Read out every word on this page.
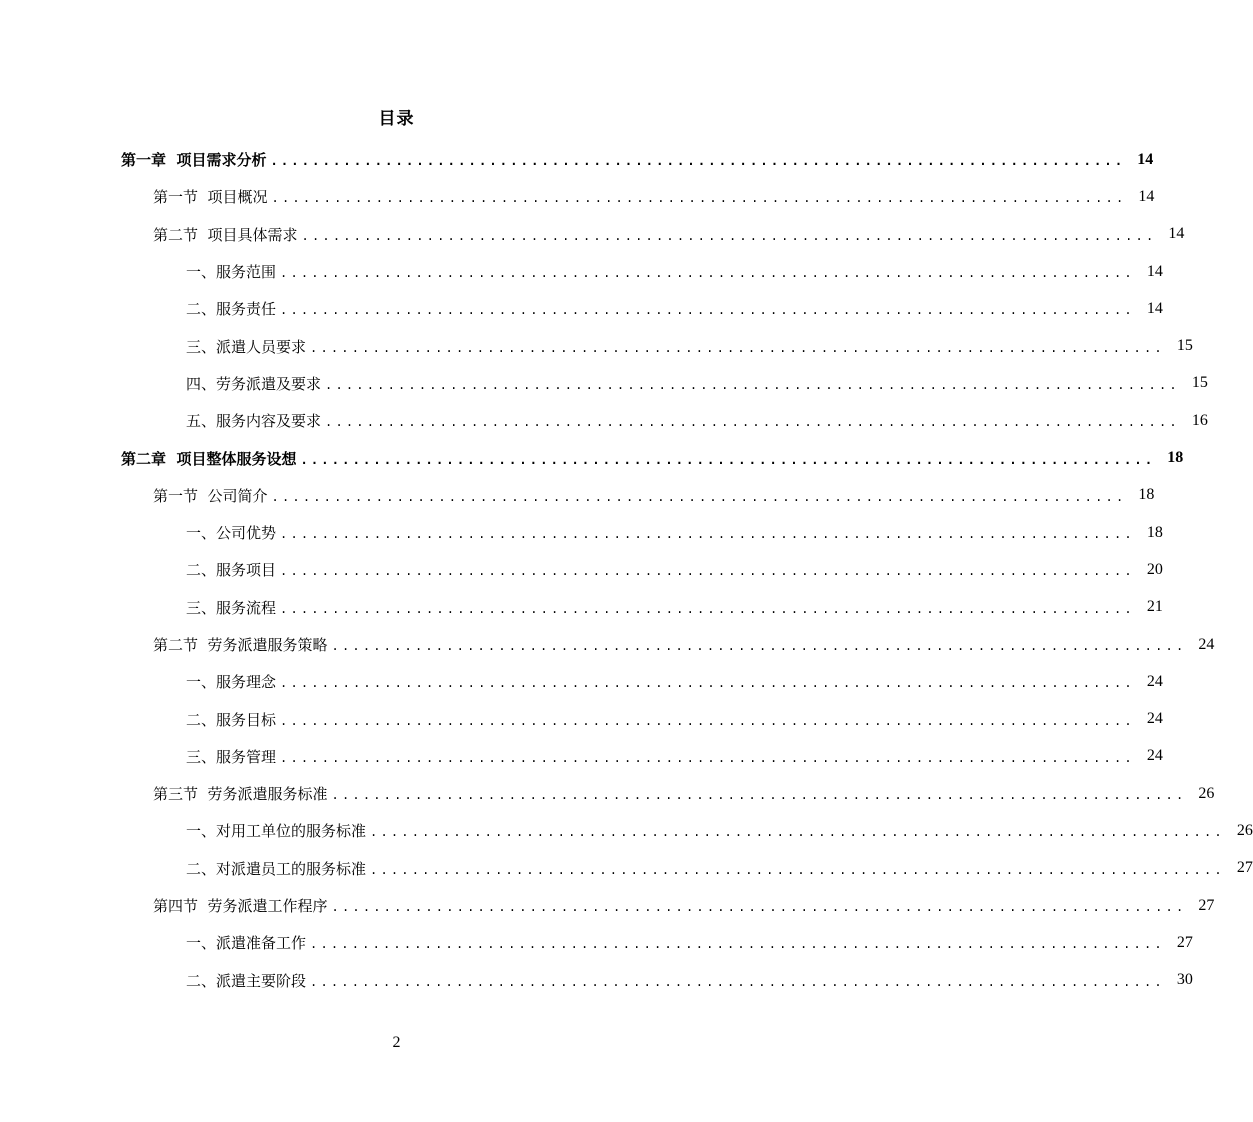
目录
第一章  项目需求分析 .................................................................................. 14
第一节  项目概况 .................................................................................. 14
第二节  项目具体需求 .................................................................................. 14
一、服务范围 .................................................................................. 14
二、服务责任 .................................................................................. 14
三、派遣人员要求 .................................................................................. 15
四、劳务派遣及要求 .................................................................................. 15
五、服务内容及要求 .................................................................................. 16
第二章  项目整体服务设想 .................................................................................. 18
第一节  公司简介 .................................................................................. 18
一、公司优势 .................................................................................. 18
二、服务项目 .................................................................................. 20
三、服务流程 .................................................................................. 21
第二节  劳务派遣服务策略 .................................................................................. 24
一、服务理念 .................................................................................. 24
二、服务目标 .................................................................................. 24
三、服务管理 .................................................................................. 24
第三节  劳务派遣服务标准 .................................................................................. 26
一、对用工单位的服务标准 .................................................................................. 26
二、对派遣员工的服务标准 .................................................................................. 27
第四节  劳务派遣工作程序 .................................................................................. 27
一、派遣准备工作 .................................................................................. 27
二、派遣主要阶段 .................................................................................. 30
2
